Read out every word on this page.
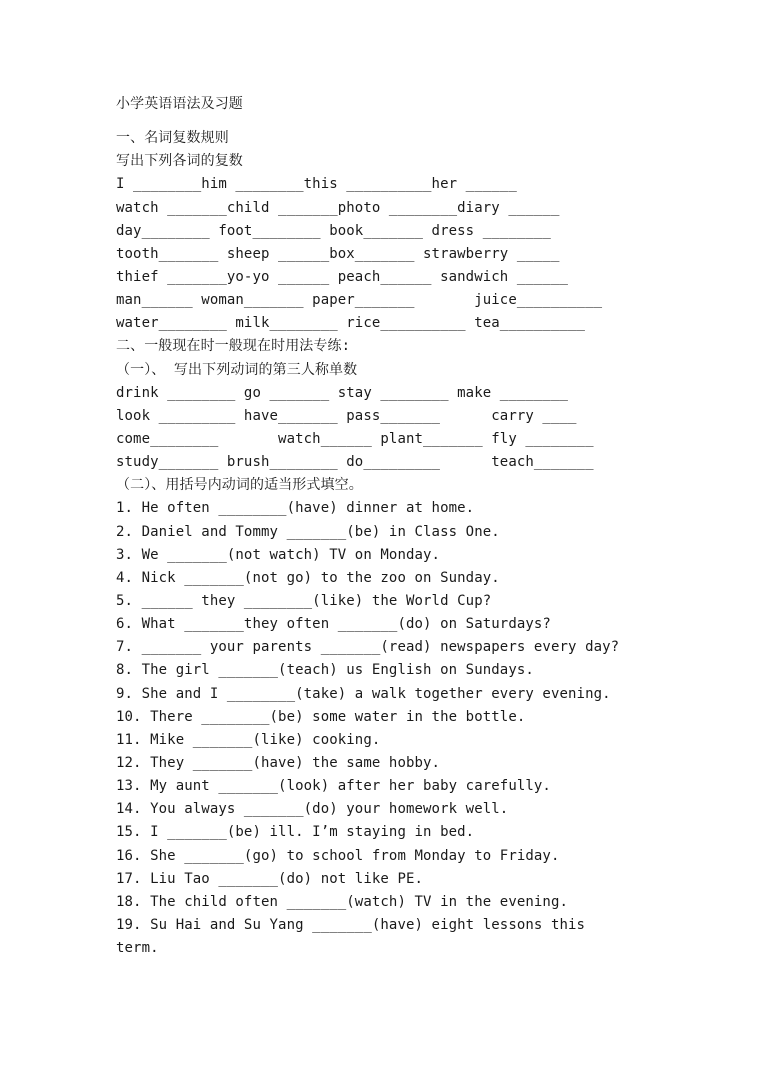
小学英语语法及习题
一、名词复数规则
写出下列各词的复数
I ________him ________this __________her ______
watch _______child _______photo ________diary ______
day________ foot________ book_______ dress ________
tooth_______ sheep ______box_______ strawberry _____
thief _______yo-yo ______ peach______ sandwich ______
man______ woman_______ paper_______       juice__________
water________ milk________ rice__________ tea__________
二、一般现在时一般现在时用法专练:
（一）、 写出下列动词的第三人称单数
drink ________ go _______ stay ________ make ________
look _________ have_______ pass_______      carry ____
come________       watch______ plant_______ fly ________
study_______ brush________ do_________      teach_______
（二）、用括号内动词的适当形式填空。
1. He often ________(have) dinner at home.
2. Daniel and Tommy _______(be) in Class One.
3. We _______(not watch) TV on Monday.
4. Nick _______(not go) to the zoo on Sunday.
5. ______ they ________(like) the World Cup?
6. What _______they often _______(do) on Saturdays?
7. _______ your parents _______(read) newspapers every day?
8. The girl _______(teach) us English on Sundays.
9. She and I ________(take) a walk together every evening.
10. There ________(be) some water in the bottle.
11. Mike _______(like) cooking.
12. They _______(have) the same hobby.
13. My aunt _______(look) after her baby carefully.
14. You always _______(do) your homework well.
15. I _______(be) ill. I’m staying in bed.
16. She _______(go) to school from Monday to Friday.
17. Liu Tao _______(do) not like PE.
18. The child often _______(watch) TV in the evening.
19. Su Hai and Su Yang _______(have) eight lessons this
term.
